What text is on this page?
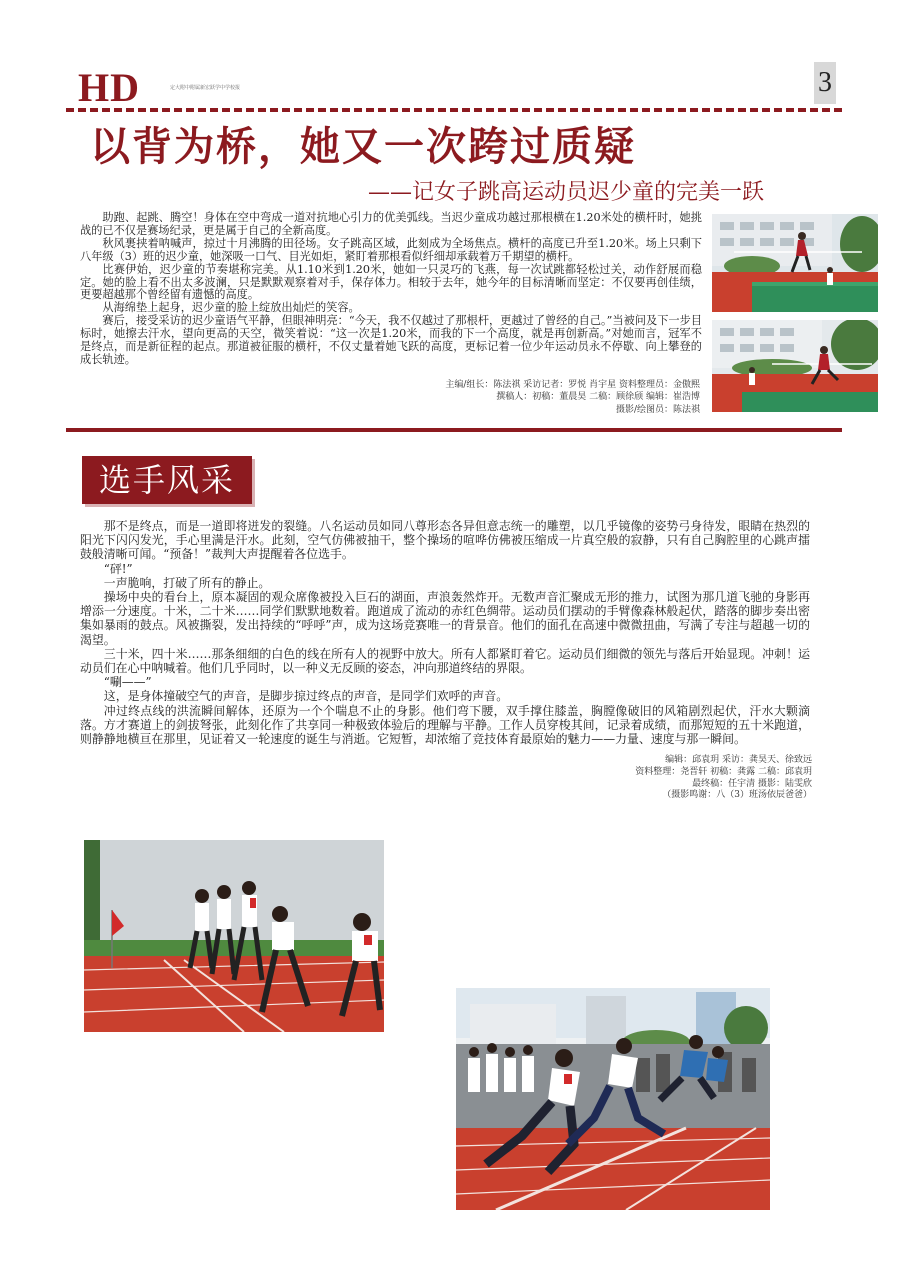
HD	定大附中附属新宏跃学中学校报	3
以背为桥，她又一次跨过质疑
——记女子跳高运动员迟少童的完美一跃

助跑、起跳、腾空！身体在空中弯成一道对抗地心引力的优美弧线。当迟少童成功越过那根横在1.20米处的横杆时，她挑战的已不仅是赛场纪录，更是属于自己的全新高度。

秋风裹挟着呐喊声，掠过十月沸腾的田径场。女子跳高区域，此刻成为全场焦点。横杆的高度已升至1.20米。场上只剩下八年级（3）班的迟少童，她深吸一口气、目光如炬，紧盯着那根看似纤细却承载着万千期望的横杆。

比赛伊始，迟少童的节奏堪称完美。从1.10米到1.20米，她如一只灵巧的飞燕，每一次试跳都轻松过关，动作舒展而稳定。她的脸上看不出太多波澜，只是默默观察着对手，保存体力。相较于去年，她今年的目标清晰而坚定：不仅要再创佳绩，更要超越那个曾经留有遗憾的高度。

从海绵垫上起身，迟少童的脸上绽放出灿烂的笑容。

赛后，接受采访的迟少童语气平静，但眼神明亮：“今天，我不仅越过了那根杆，更越过了曾经的自己。”当被问及下一步目标时，她擦去汗水，望向更高的天空，微笑着说：“这一次是1.20米，而我的下一个高度，就是再创新高。”对她而言，冠军不是终点，而是新征程的起点。那道被征服的横杆，不仅丈量着她飞跃的高度，更标记着一位少年运动员永不停歇、向上攀登的成长轨迹。

主编/组长：陈法祺 采访记者：罗悦 肖宇星 资料整理员：金傲熙
撰稿人：初稿：董晨昊 二稿：顾徐颀 编辑：崔浩博
摄影/绘图员：陈法祺
选手风采

那不是终点，而是一道即将迸发的裂缝。八名运动员如同八尊形态各异但意志统一的雕塑，以几乎镜像的姿势弓身待发，眼睛在热烈的阳光下闪闪发光，手心里满是汗水。此刻，空气仿佛被抽干，整个操场的喧哗仿佛被压缩成一片真空般的寂静，只有自己胸腔里的心跳声擂鼓般清晰可闻。“预备！”裁判大声提醒着各位选手。

“砰!”

一声脆响，打破了所有的静止。

操场中央的看台上，原本凝固的观众席像被投入巨石的湖面，声浪轰然炸开。无数声音汇聚成无形的推力，试图为那几道飞驰的身影再增添一分速度。十米，二十米……同学们默默地数着。跑道成了流动的赤红色绸带。运动员们摆动的手臂像森林般起伏，踏落的脚步奏出密集如暴雨的鼓点。风被撕裂，发出持续的“呼呼”声，成为这场竞赛唯一的背景音。他们的面孔在高速中微微扭曲，写满了专注与超越一切的渴望。

三十米，四十米……那条细细的白色的线在所有人的视野中放大。所有人都紧盯着它。运动员们细微的领先与落后开始显现。冲刺！运动员们在心中呐喊着。他们几乎同时，以一种义无反顾的姿态，冲向那道终结的界限。

“唰——”

这，是身体撞破空气的声音，是脚步掠过终点的声音，是同学们欢呼的声音。

冲过终点线的洪流瞬间解体，还原为一个个喘息不止的身影。他们弯下腰，双手撑住膝盖，胸膛像破旧的风箱剧烈起伏，汗水大颗滴落。方才赛道上的剑拔弩张，此刻化作了共享同一种极致体验后的理解与平静。工作人员穿梭其间，记录着成绩，而那短短的五十米跑道，则静静地横亘在那里，见证着又一轮速度的诞生与消逝。它短暂，却浓缩了竞技体育最原始的魅力——力量、速度与那一瞬间。

编辑：邱袁玥 采访：龚昊天、徐致远
资料整理：尧晋轩 初稿：龚露 二稿：邱袁玥
最终稿：任宇清 摄影：陆雯欣
（摄影鸣谢：八（3）班汤依辰爸爸）
